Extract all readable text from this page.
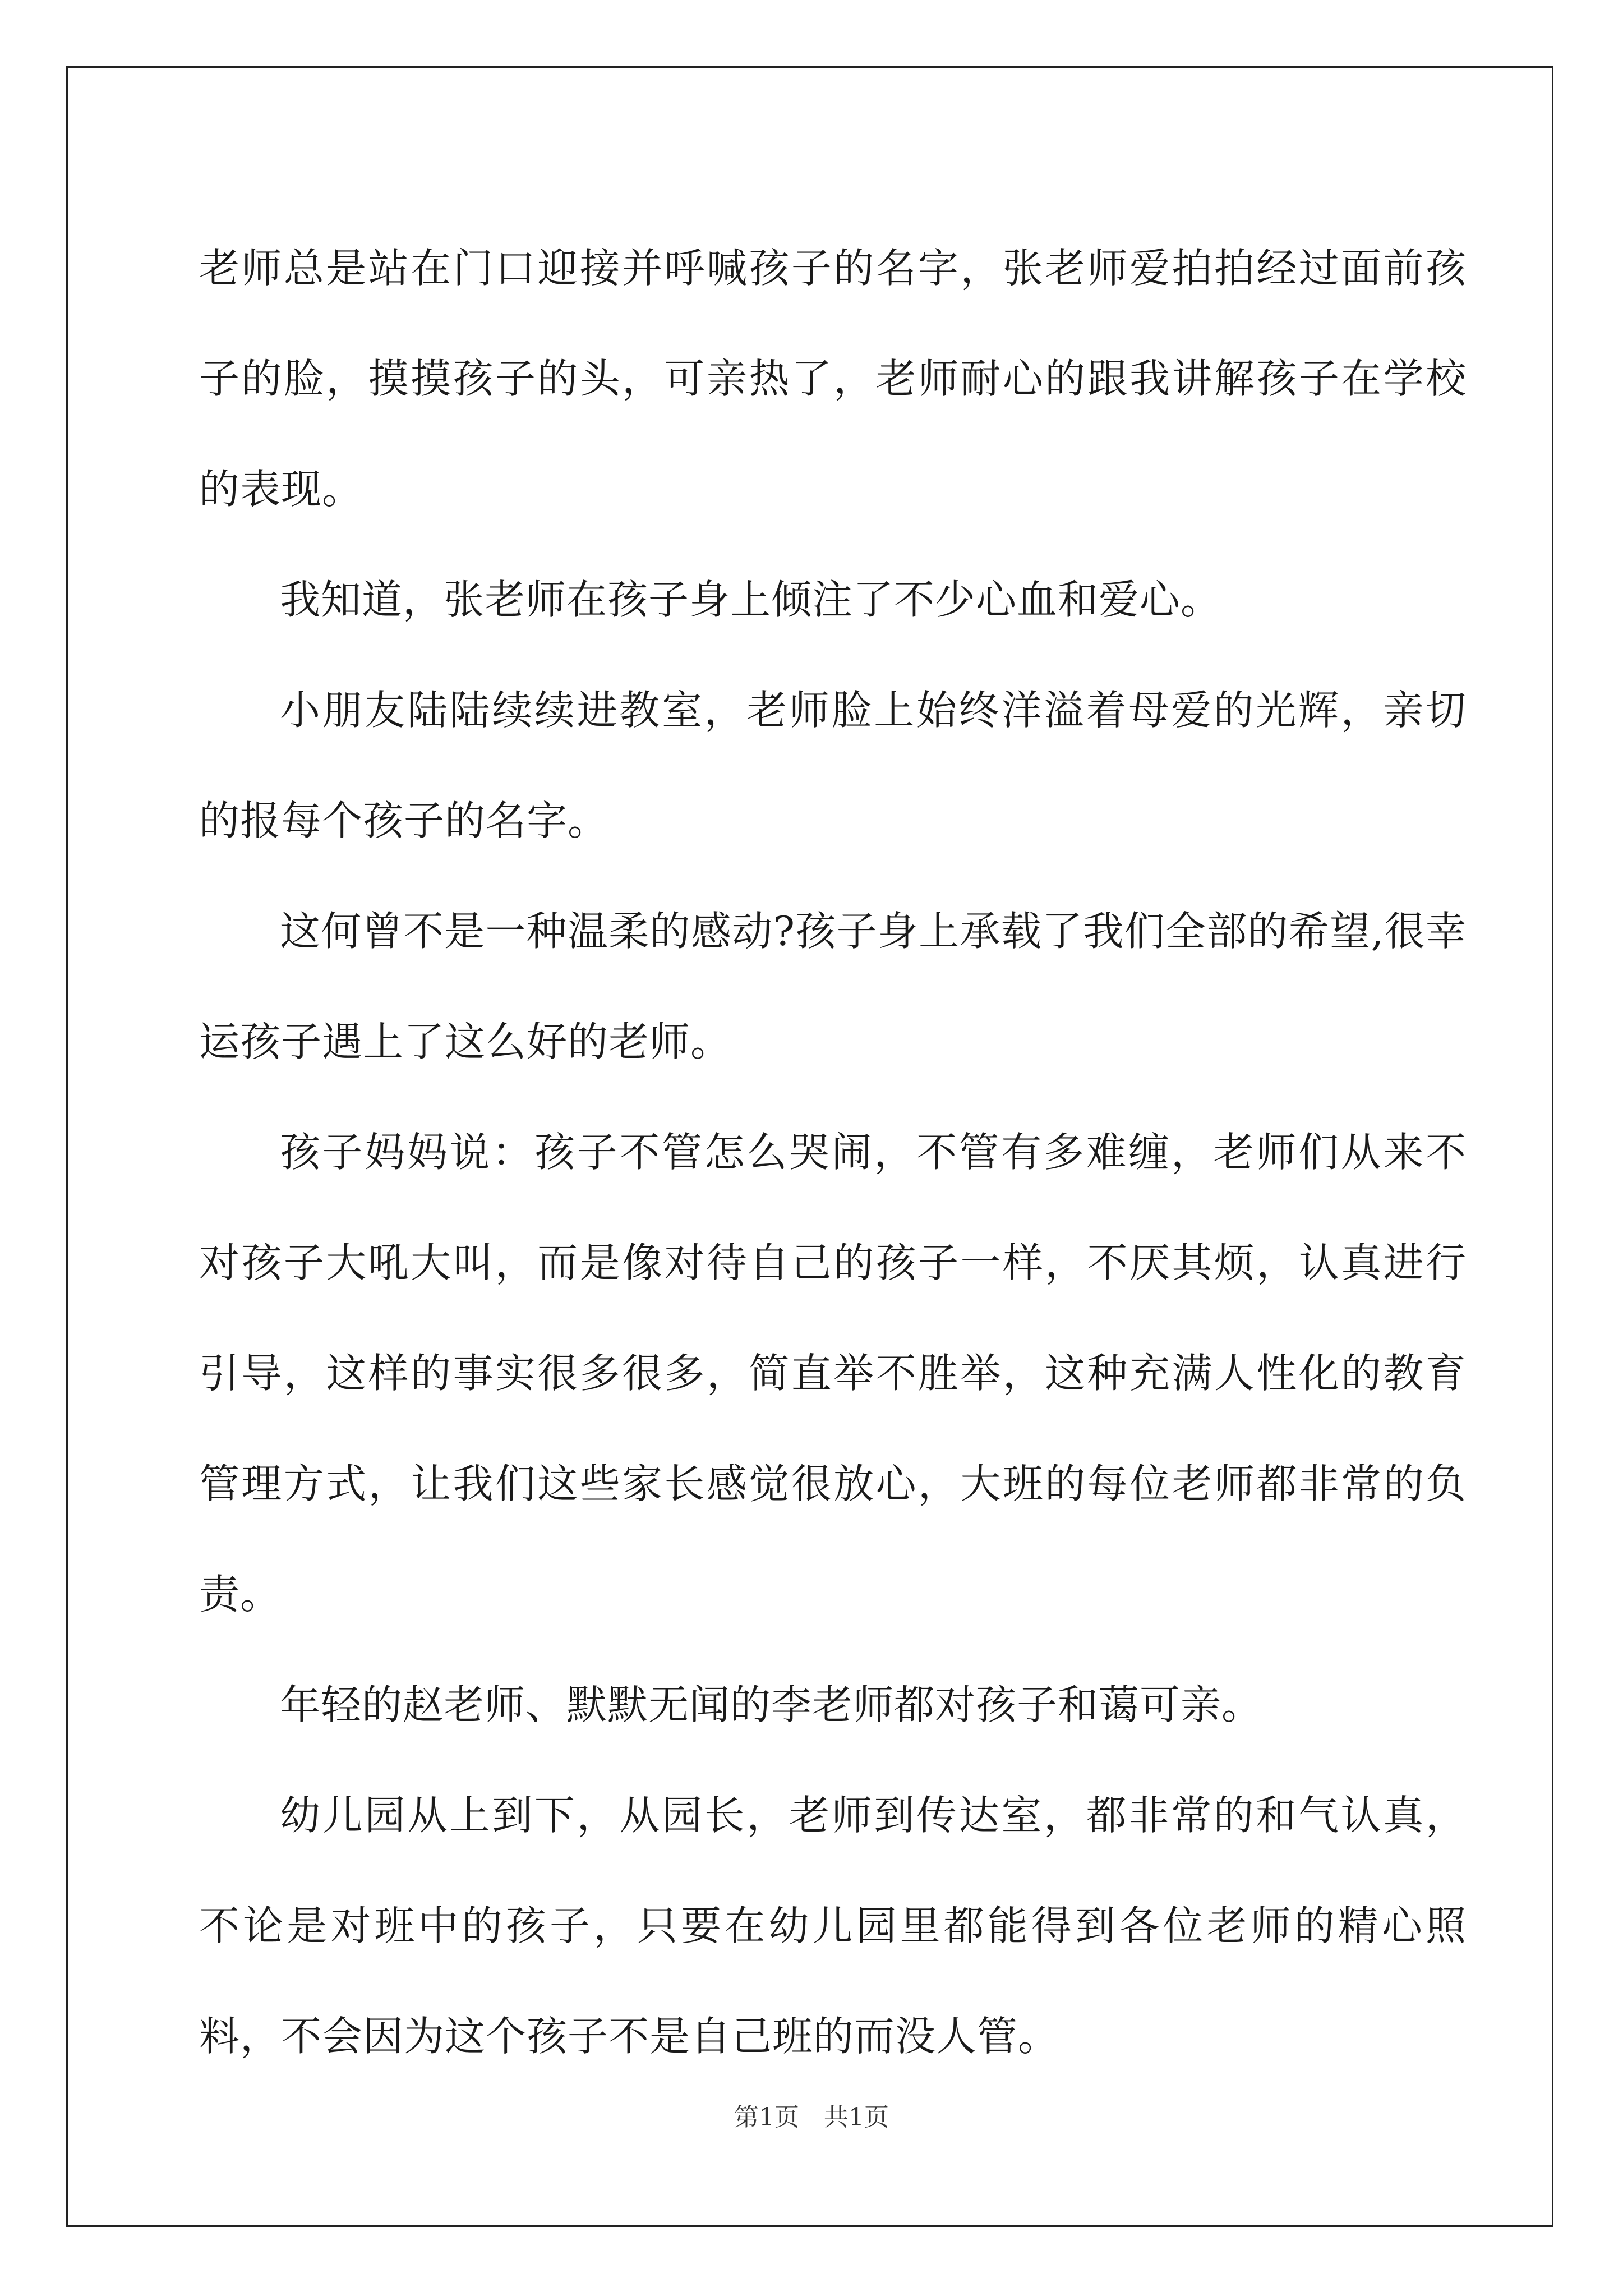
老师总是站在门口迎接并呼喊孩子的名字，张老师爱拍拍经过面前孩子的脸，摸摸孩子的头，可亲热了，老师耐心的跟我讲解孩子在学校的表现。

我知道，张老师在孩子身上倾注了不少心血和爱心。

小朋友陆陆续续进教室，老师脸上始终洋溢着母爱的光辉，亲切的报每个孩子的名字。

这何曾不是一种温柔的感动?孩子身上承载了我们全部的希望,很幸运孩子遇上了这么好的老师。

孩子妈妈说：孩子不管怎么哭闹，不管有多难缠，老师们从来不对孩子大吼大叫，而是像对待自己的孩子一样，不厌其烦，认真进行引导，这样的事实很多很多，简直举不胜举，这种充满人性化的教育管理方式，让我们这些家长感觉很放心，大班的每位老师都非常的负责。

年轻的赵老师、默默无闻的李老师都对孩子和蔼可亲。

幼儿园从上到下，从园长，老师到传达室，都非常的和气认真，不论是对班中的孩子，只要在幼儿园里都能得到各位老师的精心照料，不会因为这个孩子不是自己班的而没人管。

第1页　共1页
